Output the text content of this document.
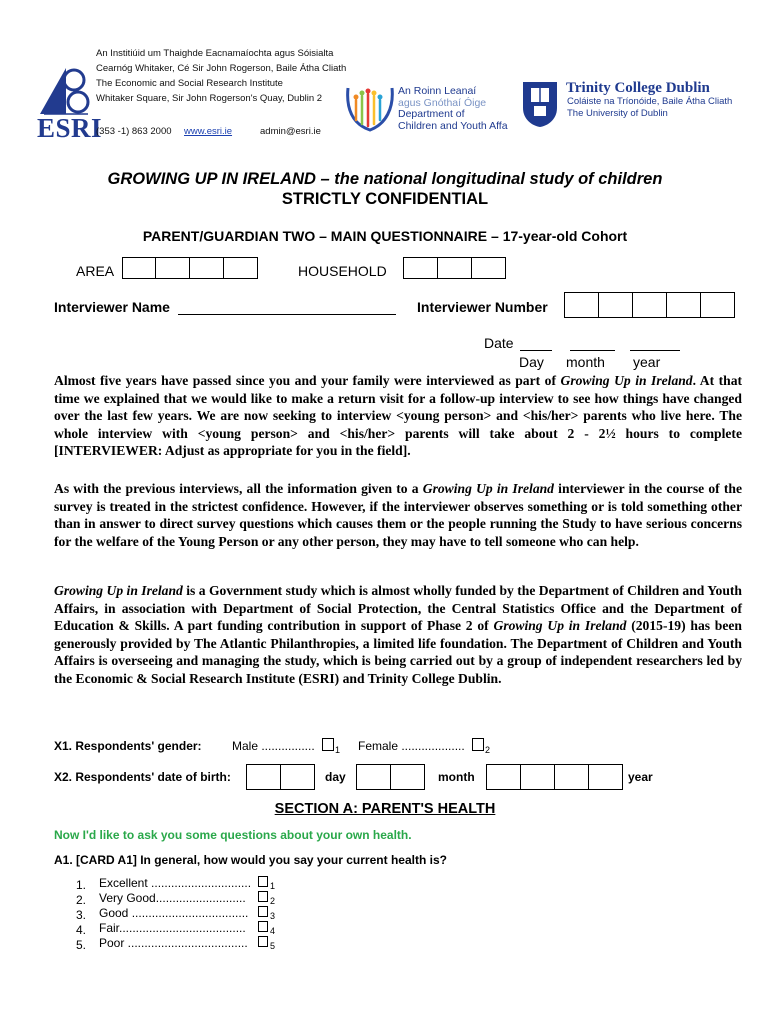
ESRI
An Institiúid um Thaighde Eacnamaíochta agus Sóisialta
Cearnóg Whitaker, Cé Sir John Rogerson, Baile Átha Cliath
The Economic and Social Research Institute
Whitaker Square, Sir John Rogerson's Quay, Dublin 2
(353 -1) 863 2000 www.esri.ie	admin@esri.ie
An Roinn Leanaí
agus Gnóthaí Óige
Department of
Children and Youth Affa
Trinity College Dublin
Coláiste na Tríonóide, Baile Átha Cliath
The University of Dublin
GROWING UP IN IRELAND – the national longitudinal study of children
STRICTLY CONFIDENTIAL
PARENT/GUARDIAN TWO – MAIN QUESTIONNAIRE – 17-year-old Cohort
AREA	HOUSEHOLD
Interviewer Name	Interviewer Number
Date
Day month year
Almost five years have passed since you and your family were interviewed as part of Growing Up in Ireland. At that time we explained that we would like to make a return visit for a follow-up interview to see how things have changed over the last few years. We are now seeking to interview <young person> and <his/her> parents who live here. The whole interview with <young person> and <his/her> parents will take about 2 - 2½ hours to complete [INTERVIEWER: Adjust as appropriate for you in the field].
As with the previous interviews, all the information given to a Growing Up in Ireland interviewer in the course of the survey is treated in the strictest confidence. However, if the interviewer observes something or is told something other than in answer to direct survey questions which causes them or the people running the Study to have serious concerns for the welfare of the Young Person or any other person, they may have to tell someone who can help.
Growing Up in Ireland is a Government study which is almost wholly funded by the Department of Children and Youth Affairs, in association with Department of Social Protection, the Central Statistics Office and the Department of Education & Skills. A part funding contribution in support of Phase 2 of Growing Up in Ireland (2015-19) has been generously provided by The Atlantic Philanthropies, a limited life foundation. The Department of Children and Youth Affairs is overseeing and managing the study, which is being carried out by a group of independent researchers led by the Economic & Social Research Institute (ESRI) and Trinity College Dublin.
X1. Respondents' gender:	Male ................ 1 Female ................... 2
X2. Respondents' date of birth:	day	month	year
SECTION A: PARENT'S HEALTH
Now I'd like to ask you some questions about your own health.
A1. [CARD A1] In general, how would you say your current health is?
1. Excellent .............................. 1
2. Very Good...........................	2
3. Good ................................... 3
4. Fair......................................	4
5. Poor .................................... 5
